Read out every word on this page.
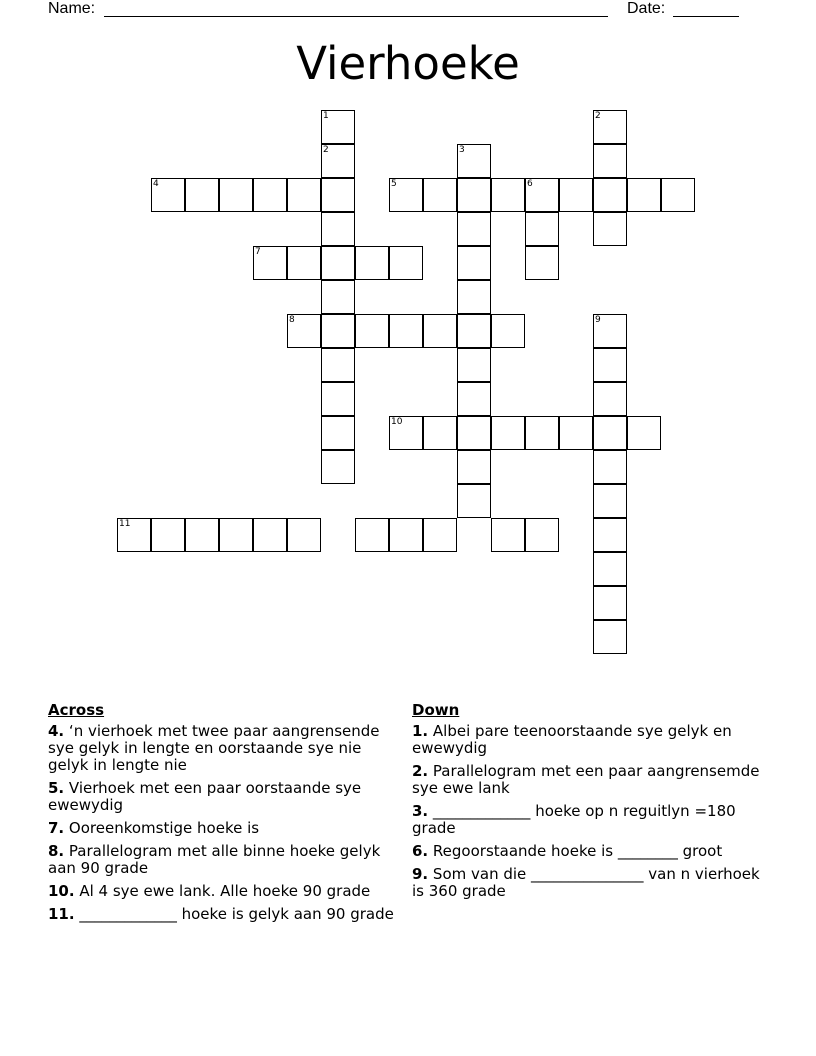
Name:	Date:
Vierhoeke
1
2
2
3
4	5	6
7
8	9
10
11
Across
4. ‘n vierhoek met twee paar aangrensende sye gelyk in lengte en oorstaande sye nie gelyk in lengte nie
5. Vierhoek met een paar oorstaande sye ewewydig
7. Ooreenkomstige hoeke is
8. Parallelogram met alle binne hoeke gelyk aan 90 grade
10. Al 4 sye ewe lank. Alle hoeke 90 grade
11. _____________ hoeke is gelyk aan 90 grade
Down
1. Albei pare teenoorstaande sye gelyk en ewewydig
2. Parallelogram met een paar aangrensemde sye ewe lank
3. _____________ hoeke op n reguitlyn =180 grade
6. Regoorstaande hoeke is ________ groot
9. Som van die _______________ van n vierhoek is 360 grade
